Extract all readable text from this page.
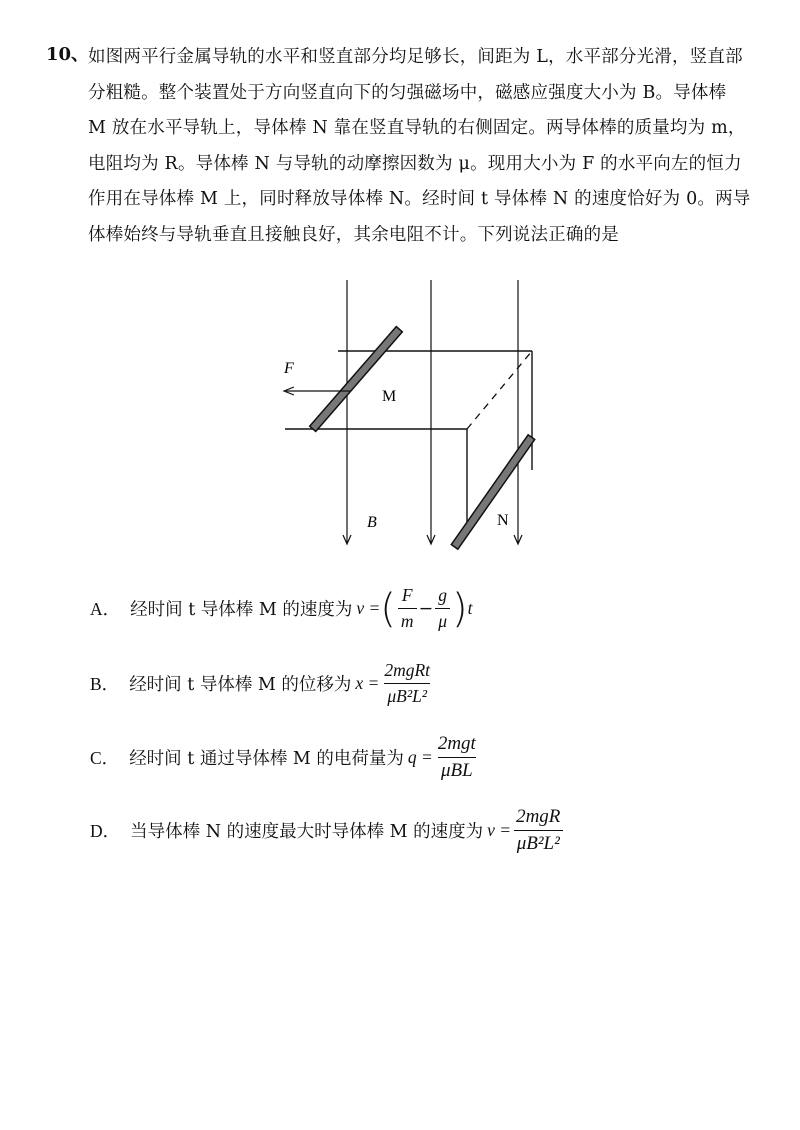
10、
如图两平行金属导轨的水平和竖直部分均足够长，间距为 L，水平部分光滑，竖直部
分粗糙。整个装置处于方向竖直向下的匀强磁场中，磁感应强度大小为 B。导体棒
M 放在水平导轨上，导体棒 N 靠在竖直导轨的右侧固定。两导体棒的质量均为 m，
电阻均为 R。导体棒 N 与导轨的动摩擦因数为 μ。现用大小为 F 的水平向左的恒力
作用在导体棒 M 上，同时释放导体棒 N。经时间 t 导体棒 N 的速度恰好为 0。两导
体棒始终与导轨垂直且接触良好，其余电阻不计。下列说法正确的是
F
M
B	N
A． 经时间 t 导体棒 M 的速度为 v = ( $\frac{F}{m} - \frac{g}{\mu}$ ) t
B． 经时间 t 导体棒 M 的位移为 $x = \frac{\text{2mgRt}}{\text{μB²L²}}$
C． 经时间 t 通过导体棒 M 的电荷量为 $q = \frac{\text{2mgt}}{\text{μBL}}$
D． 当导体棒 N 的速度最大时导体棒 M 的速度为 $v = \frac{\text{2mgR}}{\text{μB²L²}}$
